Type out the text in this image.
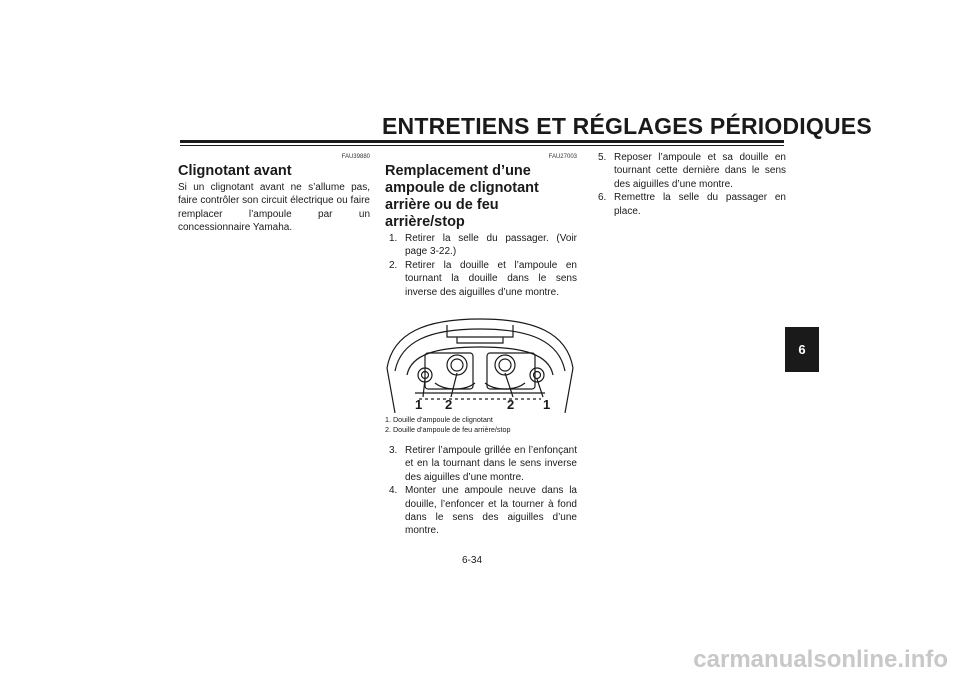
ENTRETIENS ET RÉGLAGES PÉRIODIQUES
6
FAU39880
Clignotant avant

Si un clignotant avant ne s’allume pas, faire contrôler son circuit électrique ou faire remplacer l’ampoule par un concessionnaire Yamaha.

FAU27003
Remplacement d’une ampoule de clignotant arrière ou de feu arrière/stop
1. Retirer la selle du passager. (Voir page 3-22.)
2. Retirer la douille et l’ampoule en tournant la douille dans le sens inverse des aiguilles d’une montre.
1 2	2 1
1. Douille d’ampoule de clignotant
2. Douille d’ampoule de feu arrière/stop
3. Retirer l’ampoule grillée en l’enfonçant et en la tournant dans le sens inverse des aiguilles d’une montre.
4. Monter une ampoule neuve dans la douille, l’enfoncer et la tourner à fond dans le sens des aiguilles d’une montre.
5. Reposer l’ampoule et sa douille en tournant cette dernière dans le sens des aiguilles d’une montre.
6. Remettre la selle du passager en place.
6-34
carmanualsonline.info
